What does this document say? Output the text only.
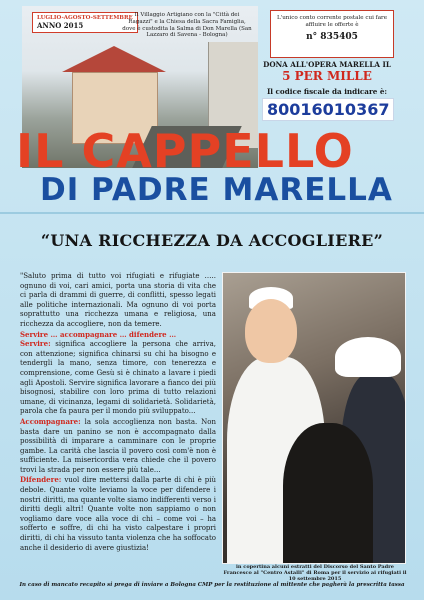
LUGLIO-AGOSTO-SETTEMBRE
ANNO 2015
Il Villaggio Artigiano con la "Città dei Ragazzi" e la Chiesa della Sacra Famiglia, dove è custodita la Salma di Don Marella (San Lazzaro di Savena - Bologna)
L'unico conto corrente postale cui fare affluire le offerte è
n° 835405
DONA ALL'OPERA MARELLA IL
5 PER MILLE
Il codice fiscale da indicare è:
80016010367
IL CAPPELLO
DI PADRE MARELLA
“UNA RICCHEZZA DA ACCOGLIERE”

"Saluto prima di tutto voi rifugiati e rifugiate ….. ognuno di voi, cari amici, porta una storia di vita che ci parla di drammi di guerre, di conflitti, spesso legati alle politiche internazionali. Ma ognuno di voi porta soprattutto una ricchezza umana e religiosa, una ricchezza da accogliere, non da temere.

Servire … accompagnare … difendere …

Servire: significa accogliere la persona che arriva, con attenzione; significa chinarsi su chi ha bisogno e tendergli la mano, senza timore, con tenerezza e comprensione, come Gesù si è chinato a lavare i piedi agli Apostoli. Servire significa lavorare a fianco dei più bisognosi, stabilire con loro prima di tutto relazioni umane, di vicinanza, legami di solidarietà. Solidarietà, parola che fa paura per il mondo più sviluppato...

Accompagnare: la sola accoglienza non basta. Non basta dare un panino se non è accompagnato dalla possibilità di imparare a camminare con le proprie gambe. La carità che lascia il povero così com'è non è sufficiente. La misericordia vera chiede che il povero trovi la strada per non essere più tale...

Difendere: vuol dire mettersi dalla parte di chi è più debole. Quante volte leviamo la voce per difendere i nostri diritti, ma quante volte siamo indifferenti verso i diritti degli altri! Quante volte non sappiamo o non vogliamo dare voce alla voce di chi – come voi – ha sofferto e soffre, di chi ha visto calpestare i propri diritti, di chi ha vissuto tanta violenza che ha soffocato anche il desiderio di avere giustizia!

in copertina alcuni estratti del Discorso del Santo Padre Francesco al "Centro Astalli" di Roma per il servizio ai rifugiati il 10 settembre 2015
In caso di mancato recapito si prega di inviare a Bologna CMP per la restituzione al mittente che pagherà la prescritta tassa
